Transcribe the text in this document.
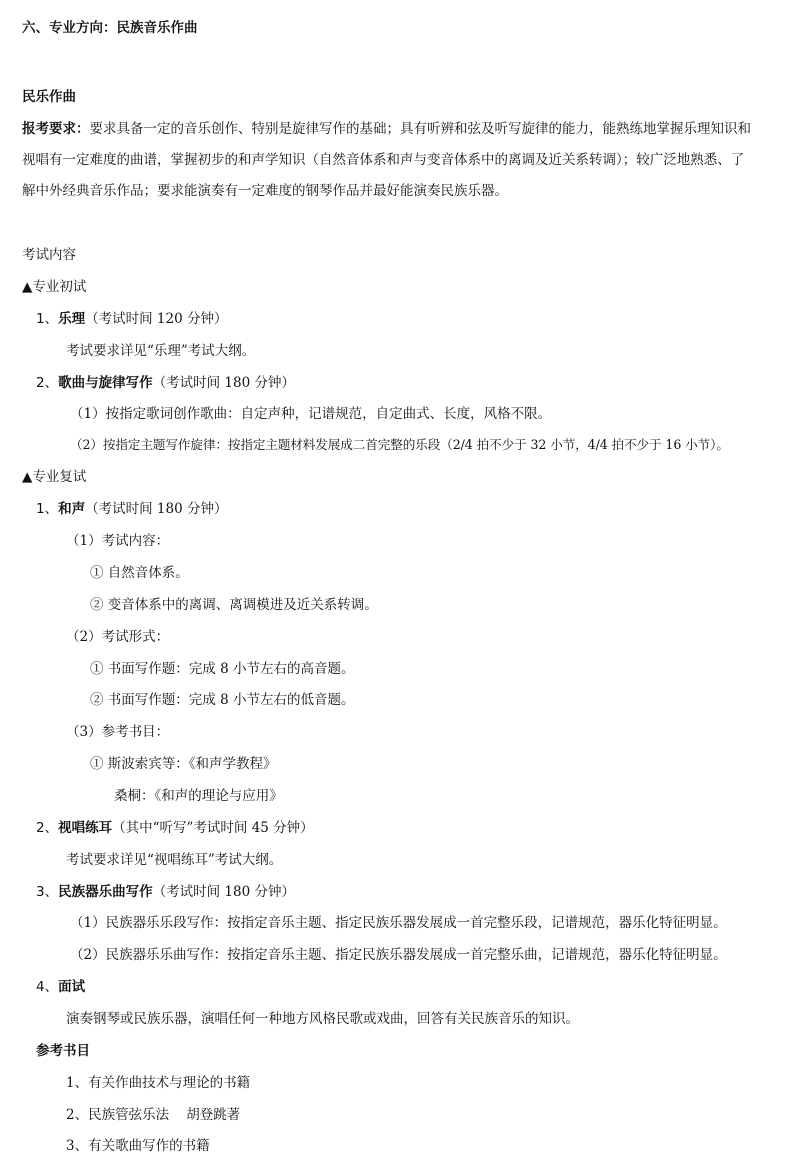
六、专业方向：民族音乐作曲
民乐作曲
报考要求：要求具备一定的音乐创作、特别是旋律写作的基础；具有听辨和弦及听写旋律的能力，能熟练地掌握乐理知识和
视唱有一定难度的曲谱，掌握初步的和声学知识（自然音体系和声与变音体系中的离调及近关系转调）；较广泛地熟悉、了
解中外经典音乐作品；要求能演奏有一定难度的钢琴作品并最好能演奏民族乐器。
考试内容
▲专业初试
1、乐理（考试时间 120 分钟）
考试要求详见“乐理”考试大纲。
2、歌曲与旋律写作（考试时间 180 分钟）
（1）按指定歌词创作歌曲：自定声种，记谱规范，自定曲式、长度，风格不限。
（2）按指定主题写作旋律：按指定主题材料发展成二首完整的乐段（2/4 拍不少于 32 小节，4/4 拍不少于 16 小节）。
▲专业复试
1、和声（考试时间 180 分钟）
（1）考试内容：
① 自然音体系。
② 变音体系中的离调、离调模进及近关系转调。
（2）考试形式：
① 书面写作题：完成 8 小节左右的高音题。
② 书面写作题：完成 8 小节左右的低音题。
（3）参考书目：
① 斯波索宾等：《和声学教程》
桑桐：《和声的理论与应用》
2、视唱练耳（其中“听写”考试时间 45 分钟）
考试要求详见“视唱练耳”考试大纲。
3、民族器乐曲写作（考试时间 180 分钟）
（1）民族器乐乐段写作：按指定音乐主题、指定民族乐器发展成一首完整乐段，记谱规范，器乐化特征明显。
（2）民族器乐乐曲写作：按指定音乐主题、指定民族乐器发展成一首完整乐曲，记谱规范，器乐化特征明显。
4、面试
演奏钢琴或民族乐器，演唱任何一种地方风格民歌或戏曲，回答有关民族音乐的知识。
参考书目
1、有关作曲技术与理论的书籍
2、民族管弦乐法    胡登跳著
3、有关歌曲写作的书籍
